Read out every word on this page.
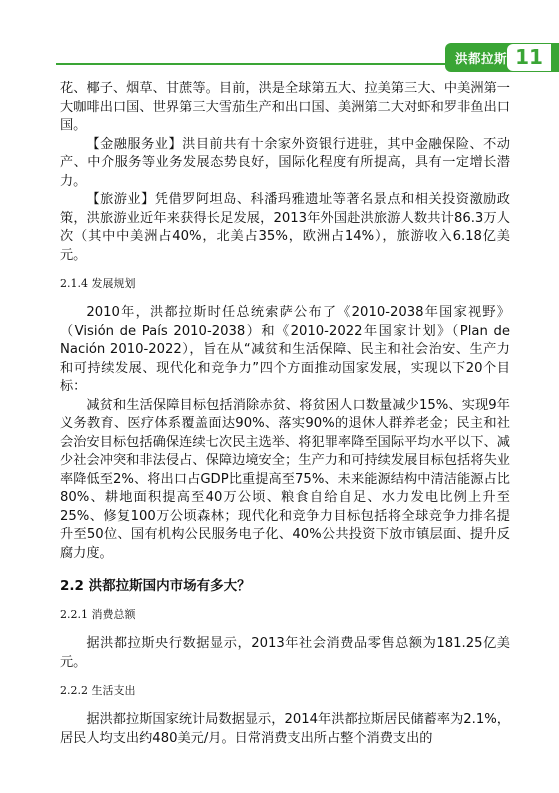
洪都拉斯 11

花、椰子、烟草、甘蔗等。目前，洪是全球第五大、拉美第三大、中美洲第一大咖啡出口国、世界第三大雪茄生产和出口国、美洲第二大对虾和罗非鱼出口国。

【金融服务业】洪目前共有十余家外资银行进驻，其中金融保险、不动产、中介服务等业务发展态势良好，国际化程度有所提高，具有一定增长潜力。

【旅游业】凭借罗阿坦岛、科潘玛雅遗址等著名景点和相关投资激励政策，洪旅游业近年来获得长足发展，2013年外国赴洪旅游人数共计86.3万人次（其中中美洲占40%，北美占35%，欧洲占14%），旅游收入6.18亿美元。

2.1.4 发展规划

2010年，洪都拉斯时任总统索萨公布了《2010-2038年国家视野》（Visión de País 2010-2038）和《2010-2022年国家计划》（Plan de Nación 2010-2022），旨在从“减贫和生活保障、民主和社会治安、生产力和可持续发展、现代化和竞争力”四个方面推动国家发展，实现以下20个目标：

减贫和生活保障目标包括消除赤贫、将贫困人口数量减少15%、实现9年义务教育、医疗体系覆盖面达90%、落实90%的退休人群养老金；民主和社会治安目标包括确保连续七次民主选举、将犯罪率降至国际平均水平以下、减少社会冲突和非法侵占、保障边境安全；生产力和可持续发展目标包括将失业率降低至2%、将出口占GDP比重提高至75%、未来能源结构中清洁能源占比80%、耕地面积提高至40万公顷、粮食自给自足、水力发电比例上升至25%、修复100万公顷森林；现代化和竞争力目标包括将全球竞争力排名提升至50位、国有机构公民服务电子化、40%公共投资下放市镇层面、提升反腐力度。

2.2 洪都拉斯国内市场有多大？
2.2.1 消费总额

据洪都拉斯央行数据显示，2013年社会消费品零售总额为181.25亿美元。

2.2.2 生活支出

据洪都拉斯国家统计局数据显示，2014年洪都拉斯居民储蓄率为2.1%，居民人均支出约480美元/月。日常消费支出所占整个消费支出的
